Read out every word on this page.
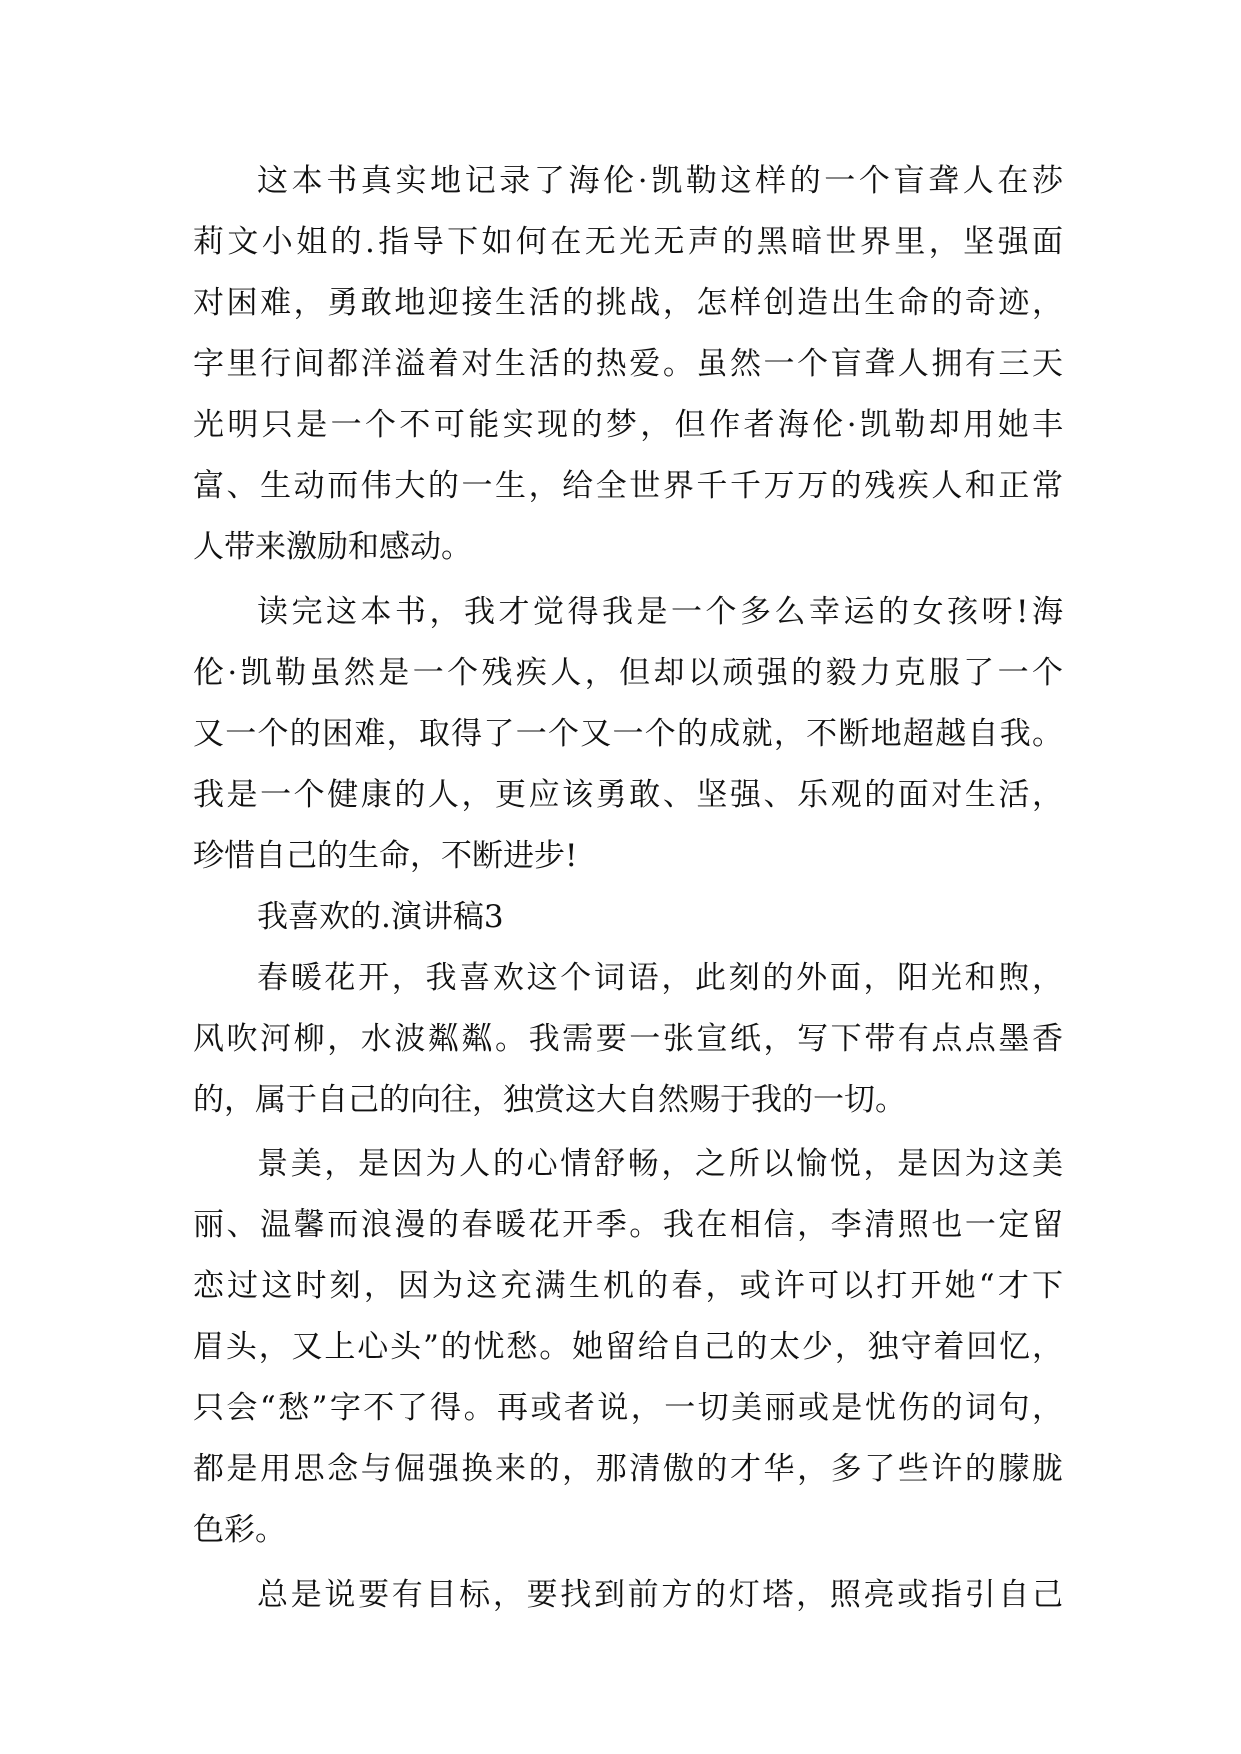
这本书真实地记录了海伦·凯勒这样的一个盲聋人在莎
莉文小姐的.指导下如何在无光无声的黑暗世界里，坚强面
对困难，勇敢地迎接生活的挑战，怎样创造出生命的奇迹，
字里行间都洋溢着对生活的热爱。虽然一个盲聋人拥有三天
光明只是一个不可能实现的梦，但作者海伦·凯勒却用她丰
富、生动而伟大的一生，给全世界千千万万的残疾人和正常
人带来激励和感动。
读完这本书，我才觉得我是一个多么幸运的女孩呀!海
伦·凯勒虽然是一个残疾人，但却以顽强的毅力克服了一个
又一个的困难，取得了一个又一个的成就，不断地超越自我。
我是一个健康的人，更应该勇敢、坚强、乐观的面对生活，
珍惜自己的生命，不断进步!
我喜欢的.演讲稿3
春暖花开，我喜欢这个词语，此刻的外面，阳光和煦，
风吹河柳，水波粼粼。我需要一张宣纸，写下带有点点墨香
的，属于自己的向往，独赏这大自然赐于我的一切。
景美，是因为人的心情舒畅，之所以愉悦，是因为这美
丽、温馨而浪漫的春暖花开季。我在相信，李清照也一定留
恋过这时刻，因为这充满生机的春，或许可以打开她“才下
眉头，又上心头”的忧愁。她留给自己的太少，独守着回忆，
只会“愁”字不了得。再或者说，一切美丽或是忧伤的词句，
都是用思念与倔强换来的，那清傲的才华，多了些许的朦胧
色彩。
总是说要有目标，要找到前方的灯塔，照亮或指引自己
